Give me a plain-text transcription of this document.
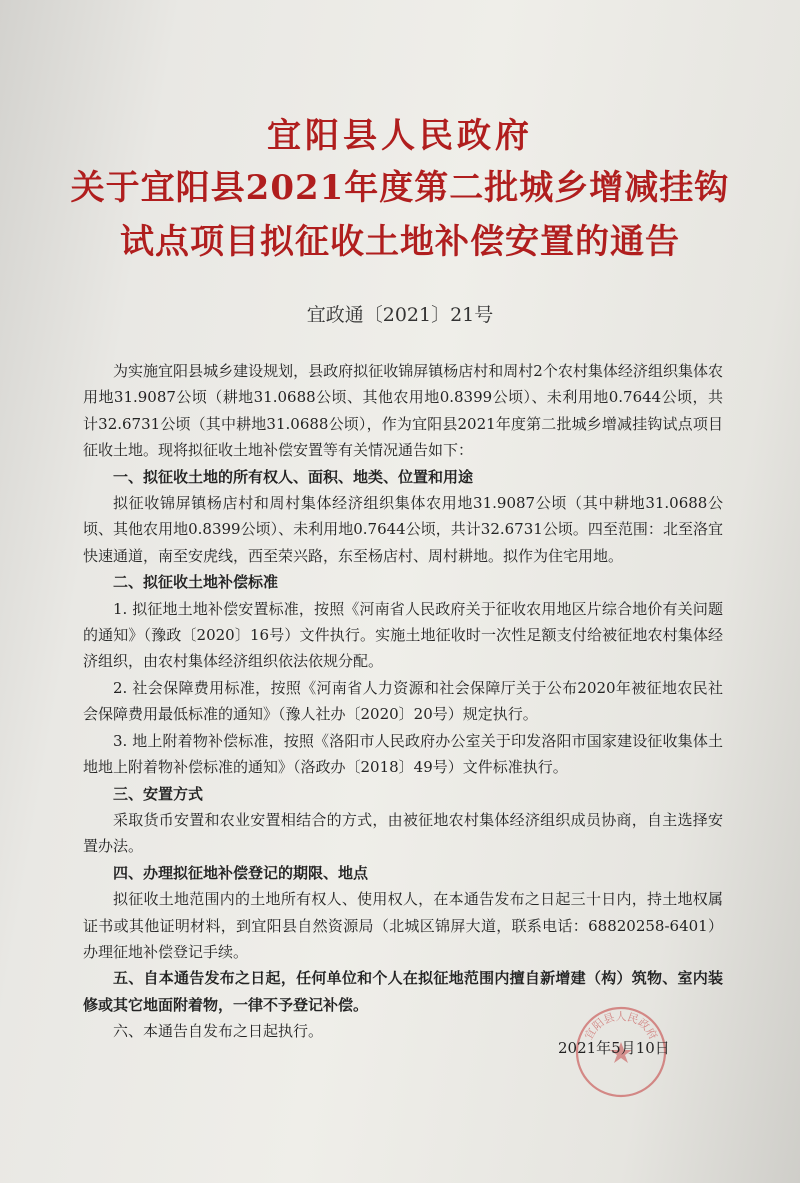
宜阳县人民政府
关于宜阳县2021年度第二批城乡增减挂钩
试点项目拟征收土地补偿安置的通告
宜政通〔2021〕21号

为实施宜阳县城乡建设规划，县政府拟征收锦屏镇杨店村和周村2个农村集体经济组织集体农用地31.9087公顷（耕地31.0688公顷、其他农用地0.8399公顷）、未利用地0.7644公顷，共计32.6731公顷（其中耕地31.0688公顷），作为宜阳县2021年度第二批城乡增减挂钩试点项目征收土地。现将拟征收土地补偿安置等有关情况通告如下：

一、拟征收土地的所有权人、面积、地类、位置和用途

拟征收锦屏镇杨店村和周村集体经济组织集体农用地31.9087公顷（其中耕地31.0688公顷、其他农用地0.8399公顷）、未利用地0.7644公顷，共计32.6731公顷。四至范围：北至洛宜快速通道，南至安虎线，西至荣兴路，东至杨店村、周村耕地。拟作为住宅用地。

二、拟征收土地补偿标准

1. 拟征地土地补偿安置标准，按照《河南省人民政府关于征收农用地区片综合地价有关问题的通知》（豫政〔2020〕16号）文件执行。实施土地征收时一次性足额支付给被征地农村集体经济组织，由农村集体经济组织依法依规分配。

2. 社会保障费用标准，按照《河南省人力资源和社会保障厅关于公布2020年被征地农民社会保障费用最低标准的通知》（豫人社办〔2020〕20号）规定执行。

3. 地上附着物补偿标准，按照《洛阳市人民政府办公室关于印发洛阳市国家建设征收集体土地地上附着物补偿标准的通知》（洛政办〔2018〕49号）文件标准执行。

三、安置方式

采取货币安置和农业安置相结合的方式，由被征地农村集体经济组织成员协商，自主选择安置办法。

四、办理拟征地补偿登记的期限、地点

拟征收土地范围内的土地所有权人、使用权人，在本通告发布之日起三十日内，持土地权属证书或其他证明材料，到宜阳县自然资源局（北城区锦屏大道，联系电话：68820258-6401）办理征地补偿登记手续。

五、自本通告发布之日起，任何单位和个人在拟征地范围内擅自新增建（构）筑物、室内装修或其它地面附着物，一律不予登记补偿。

六、本通告自发布之日起执行。	宜阳县人民政府
2021年5月10日
